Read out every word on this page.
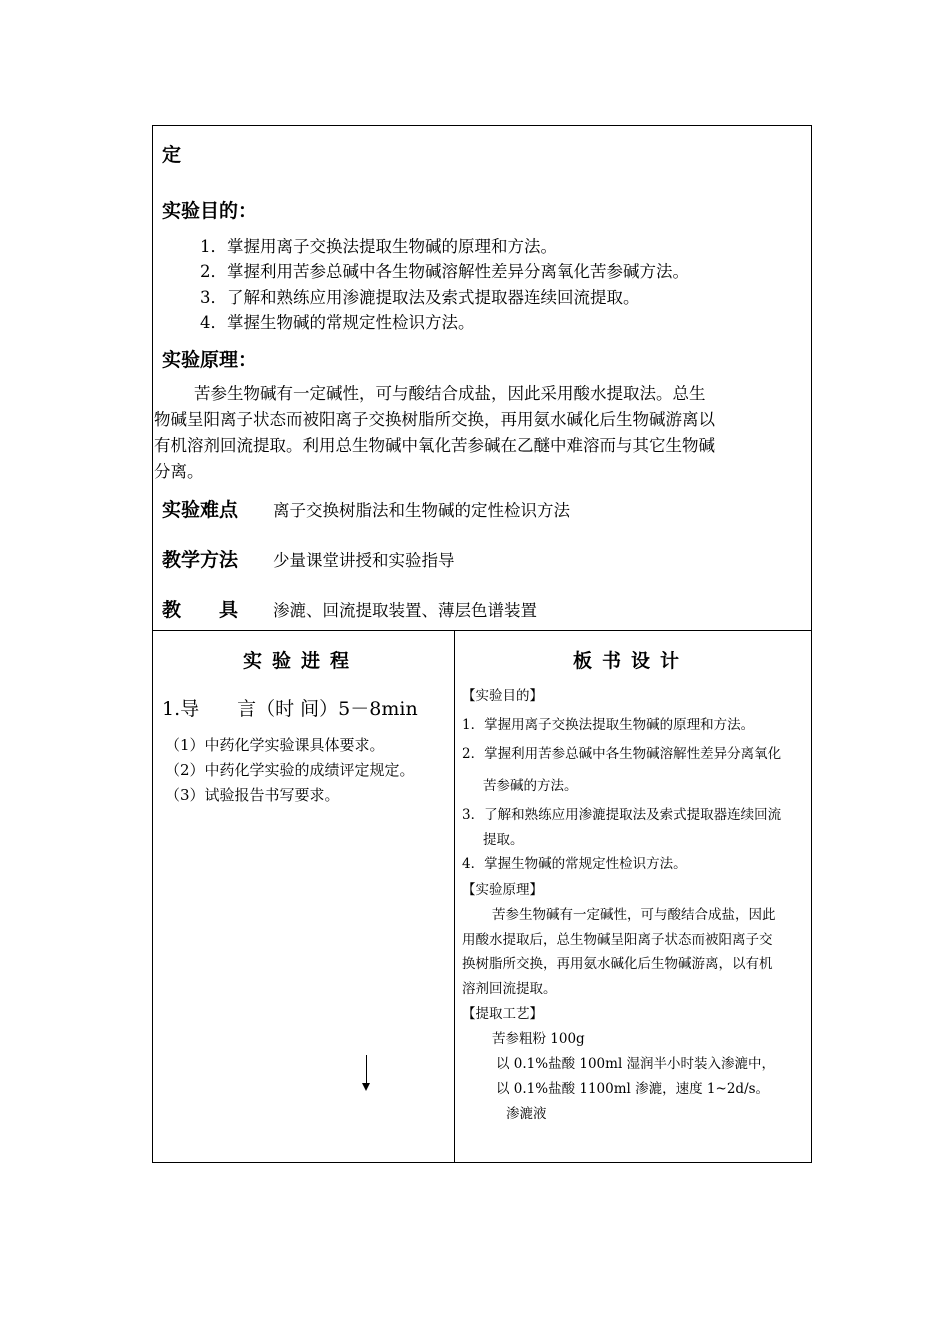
定
实验目的：
1．掌握用离子交换法提取生物碱的原理和方法。
2．掌握利用苦参总碱中各生物碱溶解性差异分离氧化苦参碱方法。
3．了解和熟练应用渗漉提取法及索式提取器连续回流提取。
4．掌握生物碱的常规定性检识方法。
实验原理：
苦参生物碱有一定碱性，可与酸结合成盐，因此采用酸水提取法。总生
物碱呈阳离子状态而被阳离子交换树脂所交换，再用氨水碱化后生物碱游离以
有机溶剂回流提取。利用总生物碱中氧化苦参碱在乙醚中难溶而与其它生物碱
分离。
实验难点 离子交换树脂法和生物碱的定性检识方法
教学方法 少量课堂讲授和实验指导
教　　具 渗漉、回流提取装置、薄层色谱装置
实验进程
1.导　　言（时 间）5－8min
（1）中药化学实验课具体要求。
（2）中药化学实验的成绩评定规定。
（3）试验报告书写要求。
板书设计
【实验目的】
1．掌握用离子交换法提取生物碱的原理和方法。
2．掌握利用苦参总碱中各生物碱溶解性差异分离氧化
苦参碱的方法。
3．了解和熟练应用渗漉提取法及索式提取器连续回流
提取。
4．掌握生物碱的常规定性检识方法。
【实验原理】
苦参生物碱有一定碱性，可与酸结合成盐，因此
用酸水提取后，总生物碱呈阳离子状态而被阳离子交
换树脂所交换，再用氨水碱化后生物碱游离，以有机
溶剂回流提取。
【提取工艺】
苦参粗粉 100g
以 0.1%盐酸 100ml 湿润半小时装入渗漉中，
以 0.1%盐酸 1100ml 渗漉，速度 1~2d/s。
渗漉液
